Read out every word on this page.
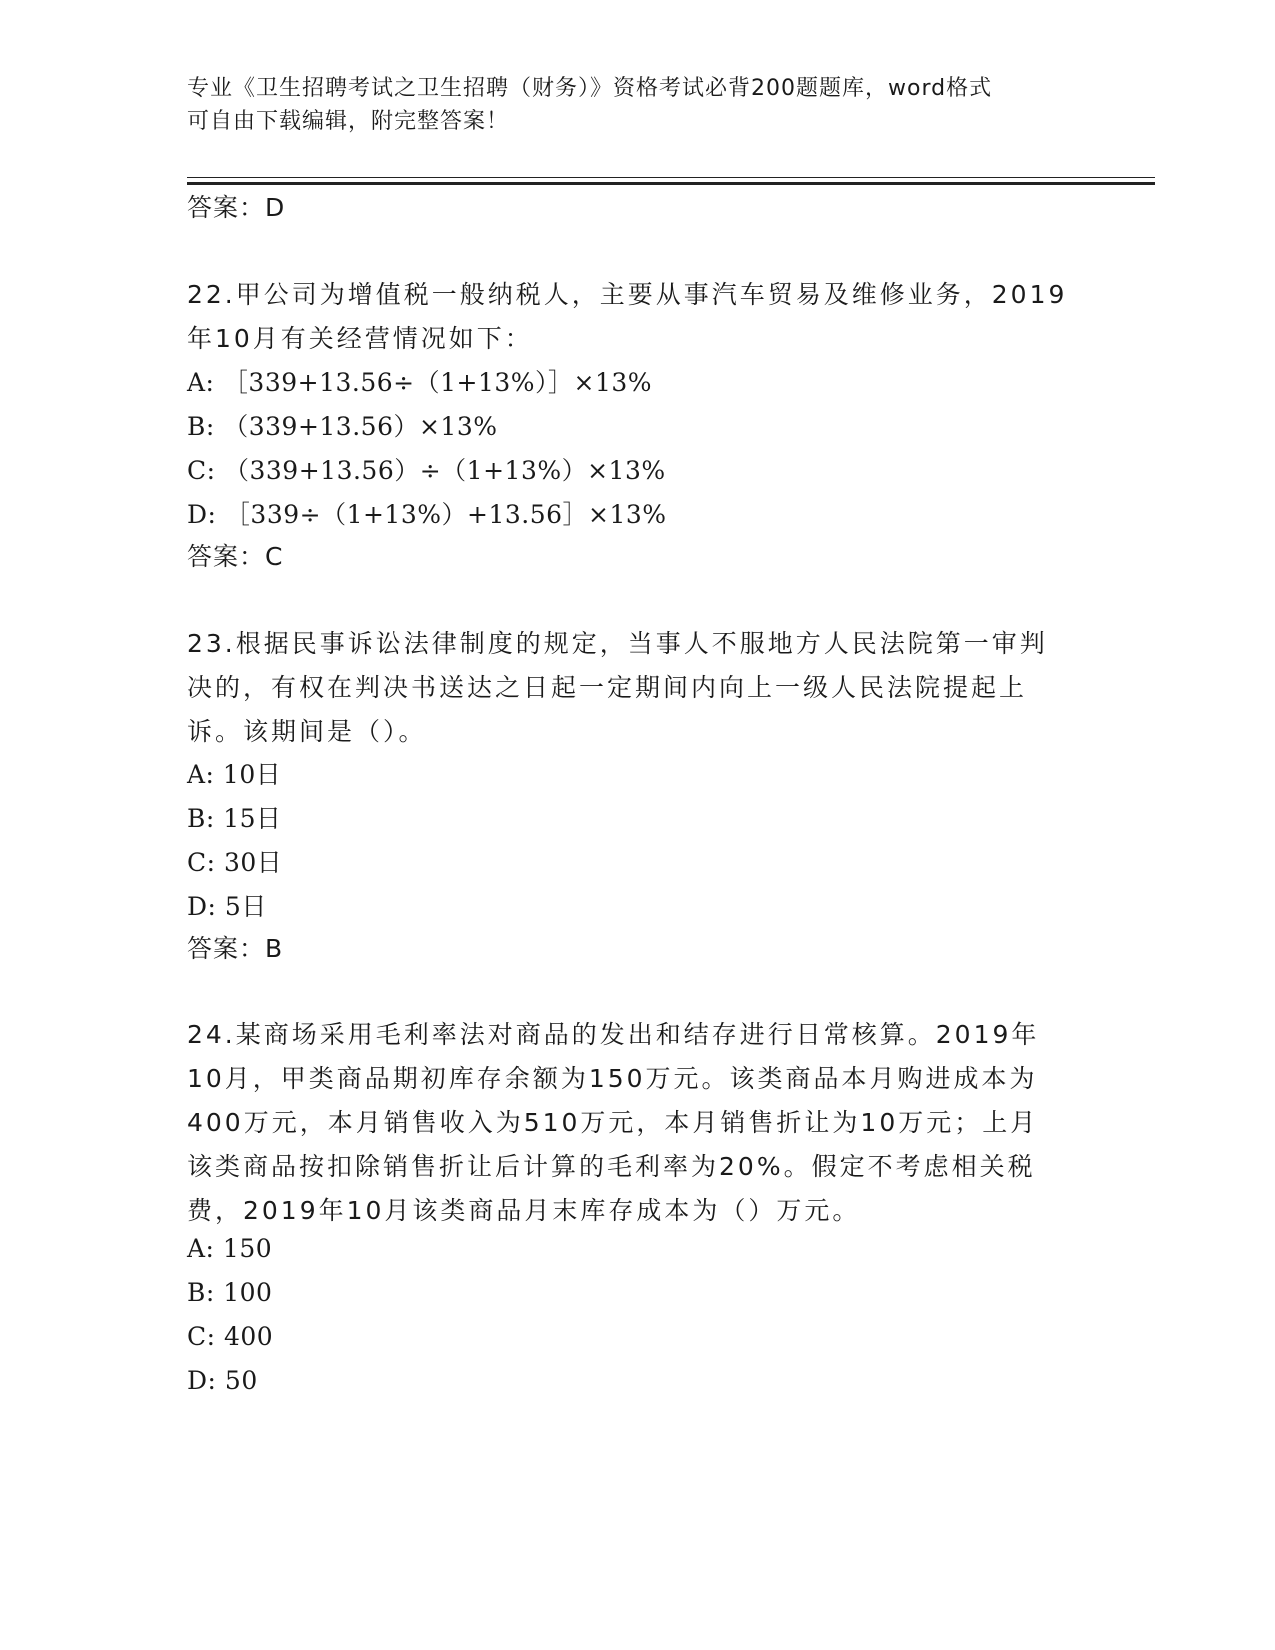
专业《卫生招聘考试之卫生招聘（财务）》资格考试必背200题题库，word格式
可自由下载编辑，附完整答案！
答案：D
22.甲公司为增值税一般纳税人，主要从事汽车贸易及维修业务，2019
年10月有关经营情况如下：
A: ［339+13.56÷（1+13%）］×13%
B: （339+13.56）×13%
C: （339+13.56）÷（1+13%）×13%
D: ［339÷（1+13%）+13.56］×13%
答案：C
23.根据民事诉讼法律制度的规定，当事人不服地方人民法院第一审判
决的，有权在判决书送达之日起一定期间内向上一级人民法院提起上
诉。该期间是（）。
A: 10日
B: 15日
C: 30日
D: 5日
答案：B
24.某商场采用毛利率法对商品的发出和结存进行日常核算。2019年
10月，甲类商品期初库存余额为150万元。该类商品本月购进成本为
400万元，本月销售收入为510万元，本月销售折让为10万元；上月
该类商品按扣除销售折让后计算的毛利率为20%。假定不考虑相关税
费，2019年10月该类商品月末库存成本为（）万元。
A: 150
B: 100
C: 400
D: 50
